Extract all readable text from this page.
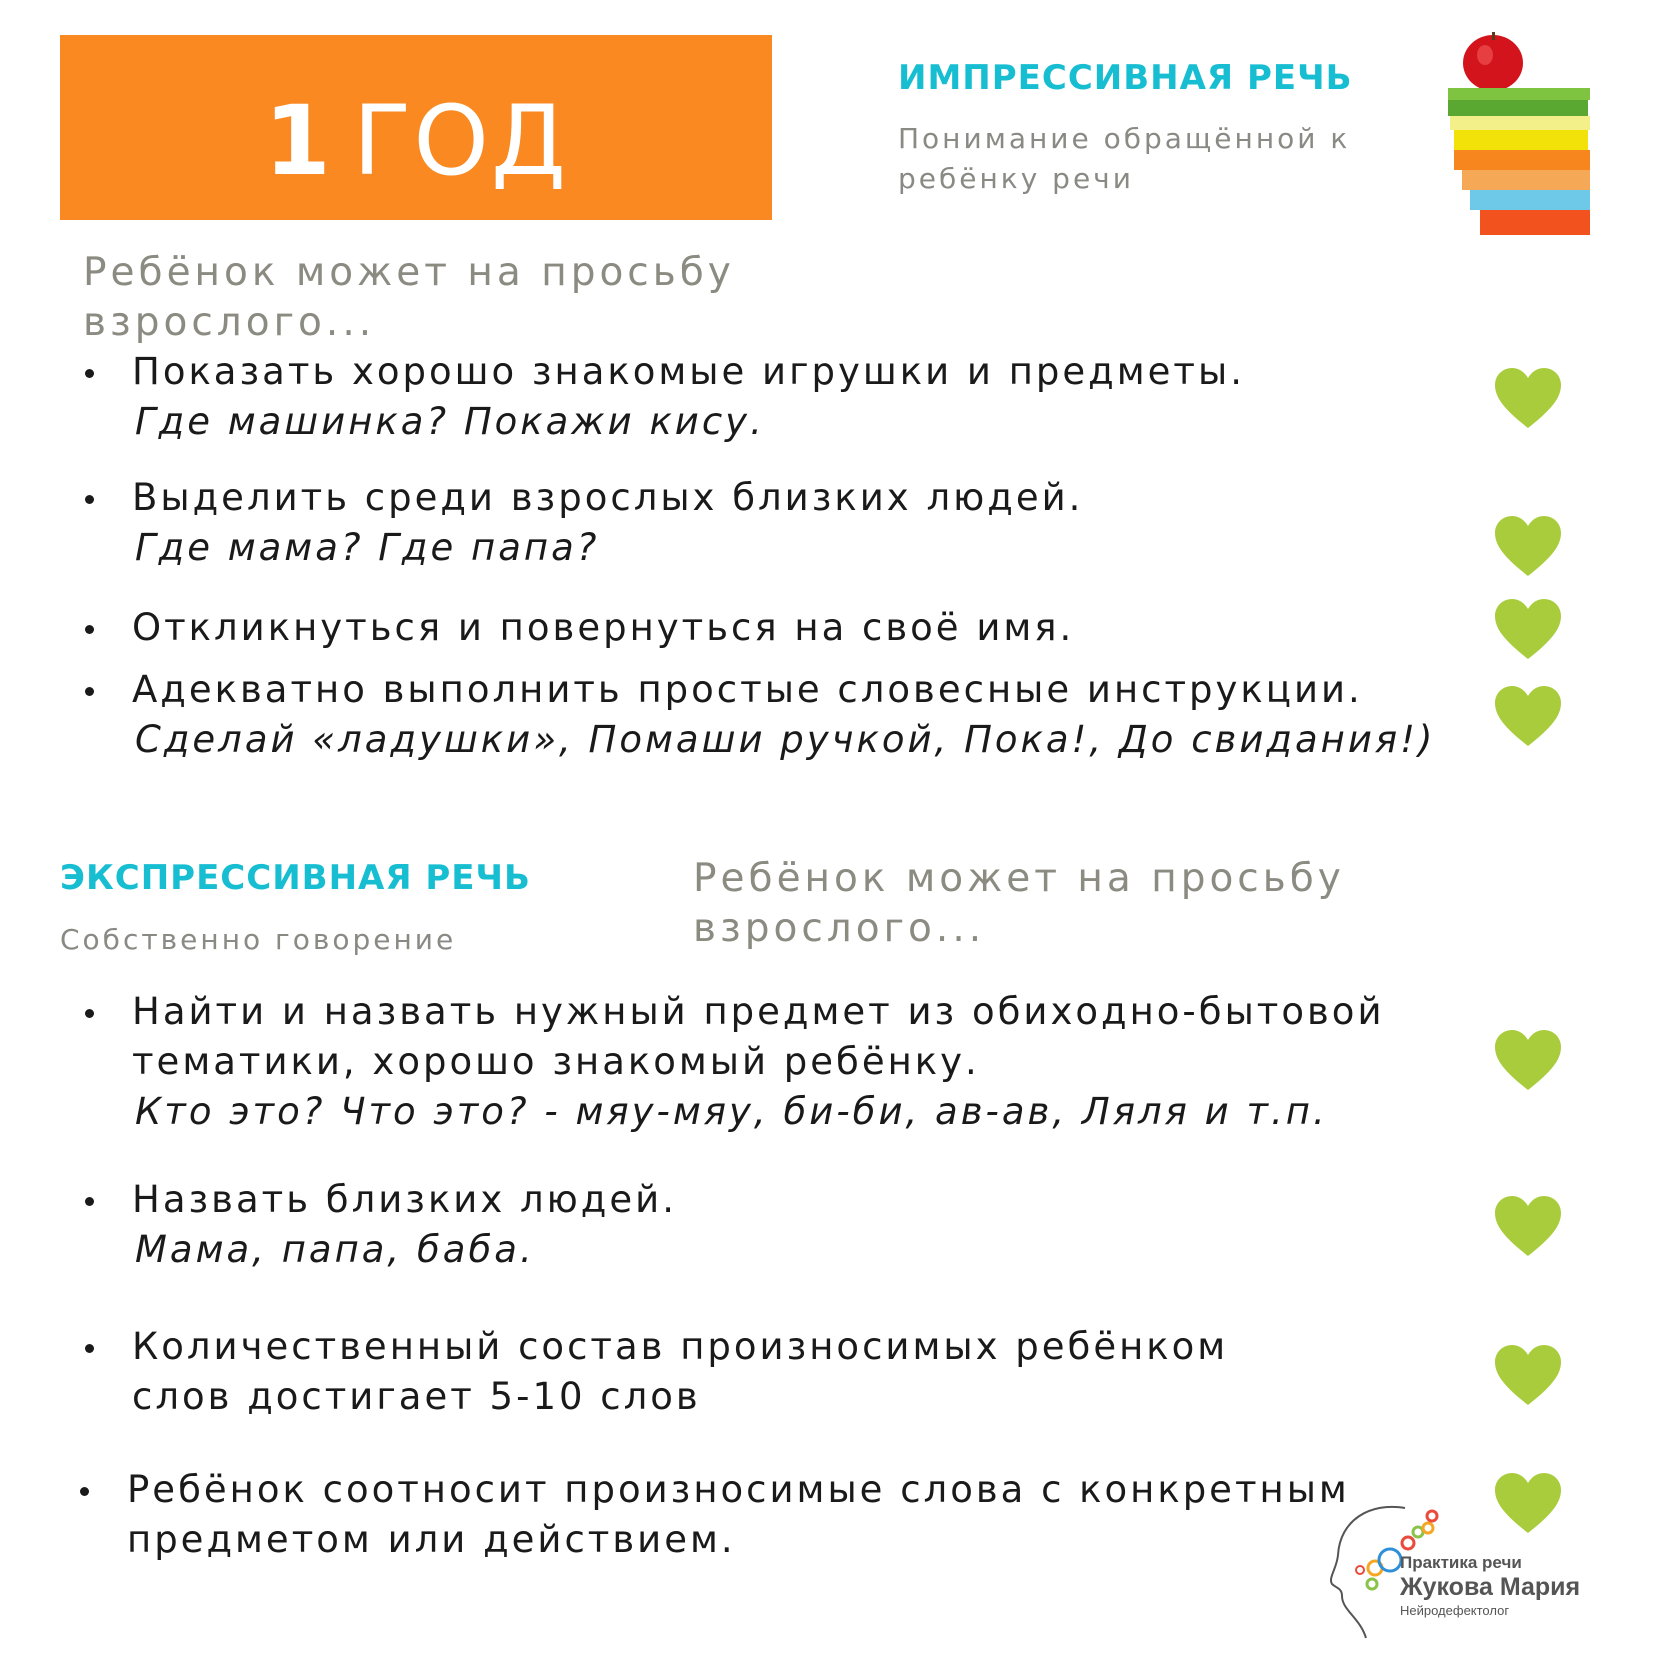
1 ГОД
ИМПРЕССИВНАЯ РЕЧЬ
Понимание обращённой к
ребёнку речи
Ребёнок может на просьбу
взрослого...
Показать хорошо знакомые игрушки и предметы.
Где машинка? Покажи кису.
Выделить среди взрослых близких людей.
Где мама? Где папа?
Откликнуться и повернуться на своё имя.
Адекватно выполнить простые словесные инструкции.
Сделай «ладушки», Помаши ручкой, Пока!, До свидания!)
ЭКСПРЕССИВНАЯ РЕЧЬ
Собственно говорение
Ребёнок может на просьбу
взрослого...
Найти и назвать нужный предмет из обиходно-бытовой
тематики, хорошо знакомый ребёнку.
Кто это? Что это? - мяу-мяу, би-би, ав-ав, Ляля и т.п.
Назвать близких людей.
Мама, папа, баба.
Количественный состав произносимых ребёнком
слов достигает 5-10 слов
Ребёнок соотносит произносимые слова с конкретным
предметом или действием.
Практика речи
Жукова Мария
Нейродефектолог
